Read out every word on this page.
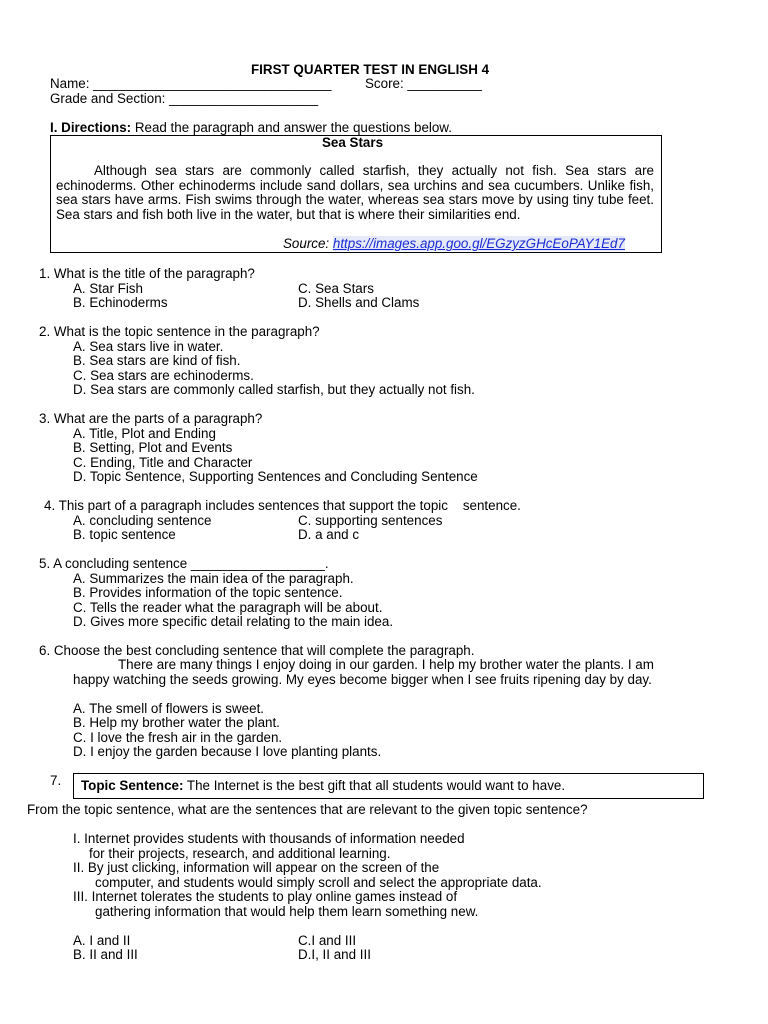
FIRST QUARTER TEST IN ENGLISH 4
Name: ________________________________	Score: __________
Grade and Section: ____________________
I. Directions: Read the paragraph and answer the questions below.
Sea Stars
Although sea stars are commonly called starfish, they actually not fish. Sea stars are echinoderms. Other echinoderms include sand dollars, sea urchins and sea cucumbers. Unlike fish, sea stars have arms. Fish swims through the water, whereas sea stars move by using tiny tube feet. Sea stars and fish both live in the water, but that is where their similarities end.
Source: https://images.app.goo.gl/EGzyzGHcEoPAY1Ed7
1. What is the title of the paragraph?
A. Star Fish
B. Echinoderms
C. Sea Stars
D. Shells and Clams
2. What is the topic sentence in the paragraph?
A. Sea stars live in water.
B. Sea stars are kind of fish.
C. Sea stars are echinoderms.
D. Sea stars are commonly called starfish, but they actually not fish.
3. What are the parts of a paragraph?
A. Title, Plot and Ending
B. Setting, Plot and Events
C. Ending, Title and Character
D. Topic Sentence, Supporting Sentences and Concluding Sentence
4. This part of a paragraph includes sentences that support the topic    sentence.
A. concluding sentence
B. topic sentence
C. supporting sentences
D. a and c
5. A concluding sentence __________________.
A. Summarizes the main idea of the paragraph.
B. Provides information of the topic sentence.
C. Tells the reader what the paragraph will be about.
D. Gives more specific detail relating to the main idea.
6. Choose the best concluding sentence that will complete the paragraph.
There are many things I enjoy doing in our garden. I help my brother water the plants. I am
happy watching the seeds growing. My eyes become bigger when I see fruits ripening day by day.
A. The smell of flowers is sweet.
B. Help my brother water the plant.
C. I love the fresh air in the garden.
D. I enjoy the garden because I love planting plants.
7. Topic Sentence: The Internet is the best gift that all students would want to have.
From the topic sentence, what are the sentences that are relevant to the given topic sentence?
I. Internet provides students with thousands of information needed
for their projects, research, and additional learning.
II. By just clicking, information will appear on the screen of the
computer, and students would simply scroll and select the appropriate data.
III. Internet tolerates the students to play online games instead of
gathering information that would help them learn something new.
A. I and II
B. II and III
C.I and III
D.I, II and III
